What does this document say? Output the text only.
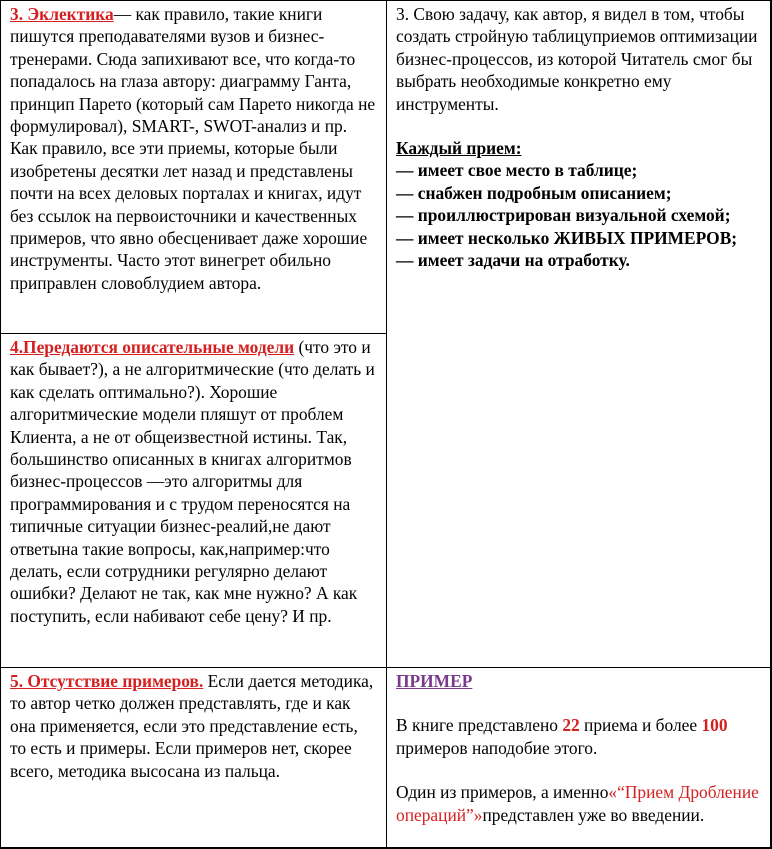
3. Эклектика— как правило, такие книги пишутся преподавателями вузов и бизнес-тренерами. Сюда запихивают все, что когда-то попадалось на глаза автору: диаграмму Ганта, принцип Парето (который сам Парето никогда не формулировал), SMART-, SWOT-анализ и пр. Как правило, все эти приемы, которые были изобретены десятки лет назад и представлены почти на всех деловых порталах и книгах, идут без ссылок на первоисточники и качественных примеров, что явно обесценивает даже хорошие инструменты. Часто этот винегрет обильно приправлен словоблудием автора.

3. Свою задачу, как автор, я видел в том, чтобы создать стройную таблицуприемов оптимизации бизнес-процессов, из которой Читатель смог бы выбрать необходимые конкретно ему инструменты.

Каждый прием:

— имеет свое место в таблице;

— снабжен подробным описанием;

— проиллюстрирован визуальной схемой;

— имеет несколько ЖИВЫХ ПРИМЕРОВ;

— имеет задачи на отработку.

4.Передаются описательные модели (что это и как бывает?), а не алгоритмические (что делать и как сделать оптимально?). Хорошие алгоритмические модели пляшут от проблем Клиента, а не от общеизвестной истины. Так, большинство описанных в книгах алгоритмов бизнес-процессов —это алгоритмы для программирования и с трудом переносятся на типичные ситуации бизнес-реалий,не дают ответына такие вопросы, как,например:что делать, если сотрудники регулярно делают ошибки? Делают не так, как мне нужно? А как поступить, если набивают себе цену? И пр.

5. Отсутствие примеров. Если дается методика, то автор четко должен представлять, где и как она применяется, если это представление есть, то есть и примеры. Если примеров нет, скорее всего, методика высосана из пальца.

ПРИМЕР

В книге представлено 22 приема и более 100 примеров наподобие этого.

Один из примеров, а именно«“Прием Дробление операций”»представлен уже во введении.
